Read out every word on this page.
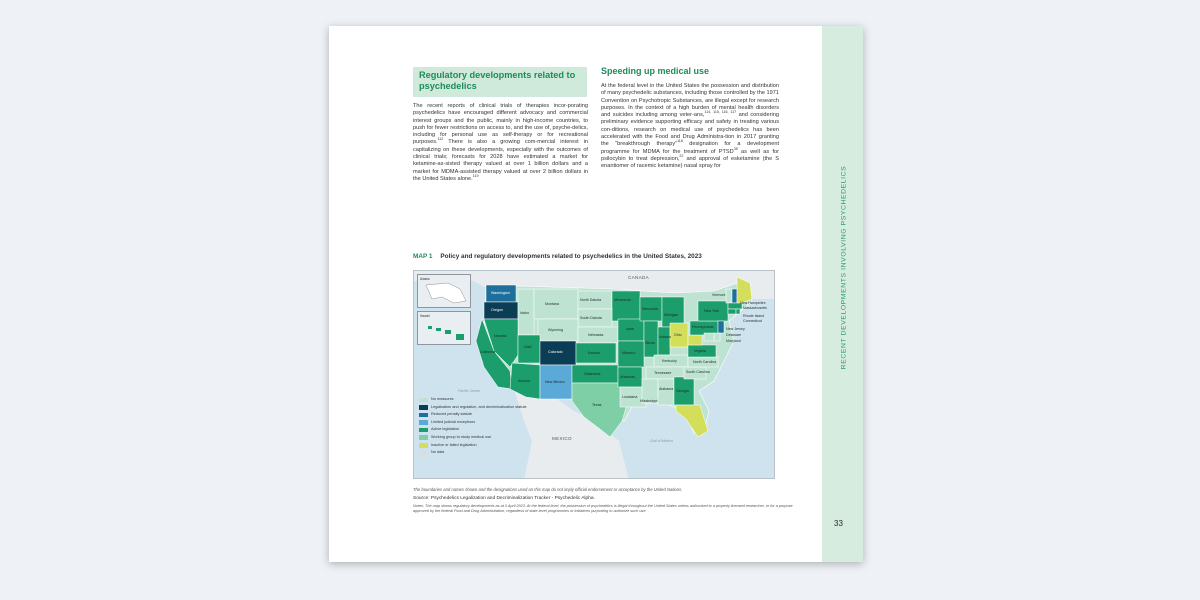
RECENT DEVELOPMENTS INVOLVING PSYCHEDELICS
33
Regulatory developments related to psychedelics
The recent reports of clinical trials of therapies incor-porating psychedelics have encouraged different advocacy and commercial interest groups and the public, mainly in high-income countries, to push for fewer restrictions on access to, and the use of, psyche-delics, including for personal use as self-therapy or for recreational purposes.$^{112}$ There is also a growing com-mercial interest in capitalizing on these developments, especially with the outcomes of clinical trials; forecasts for 2028 have estimated a market for ketamine-as-sisted therapy valued at over 1 billion dollars and a market for MDMA-assisted therapy valued at over 2 billion dollars in the United States alone.$^{119}$
Speeding up medical use
At the federal level in the United States the possession and distribution of many psychedelic substances, including those controlled by the 1971 Convention on Psychotropic Substances, are illegal except for research purposes. In the context of a high burden of mental health disorders and suicides including among veter-ans,$^{114, 115, 116, 117}$ and considering preliminary evidence supporting efficacy and safety in treating various con-ditions, research on medical use of psychedelics has been accelerated with the Food and Drug Administra-tion in 2017 granting the “breakthrough therapy”$^{118}$ designation for a development programme for MDMA for the treatment of PTSD$^{35}$ as well as for psilocybin to treat depression,$^{22}$ and approval of esketamine (the S enantiomer of racemic ketamine) nasal spray for
MAP 1 Policy and regulatory developments related to psychedelics in the United States, 2023
Alaska
Hawaii
CANADA
MEXICO
Pacific Ocean
Gulf of Mexico
Washington
Oregon
Idaho
Montana
North Dakota	Minnesota
South Dakota
Wyoming
Nevada
California
Utah
Colorado
Nebraska
Kansas
Iowa
Wisconsin
Michigan
Illinois
Indiana Ohio
Missouri
Kentucky
Tennessee
Arizona	New Mexico
Oklahoma
Arkansas
Texas
Louisiana
Mississippi
Alabama Georgia
South Carolina
North Carolina
Virginia
Pennsylvania
New York
Vermont
New Hampshire
Massachusetts
Rhode Island
Connecticut
New Jersey
Delaware
Maryland
No measures
Legalization and regulation, and decriminalization statute
Reduced penalty statute
Limited judicial exceptions
Active legislation
Working group to study medical use
Inactive or failed legislation
No data
The boundaries and names shown and the designations used on this map do not imply official endorsement or acceptance by the United Nations.
Source: Psychedelics Legalization and Decriminalization Tracker - Psychedelic Alpha.
Notes: The map shows regulatory developments as at 3 April 2023. At the federal level, the possession of psychedelics is illegal throughout the United States unless authorized to a properly licensed researcher, or for a purpose approved by the federal Food and Drug Administration, regardless of state-level programmes or initiatives purporting to authorize such use.
